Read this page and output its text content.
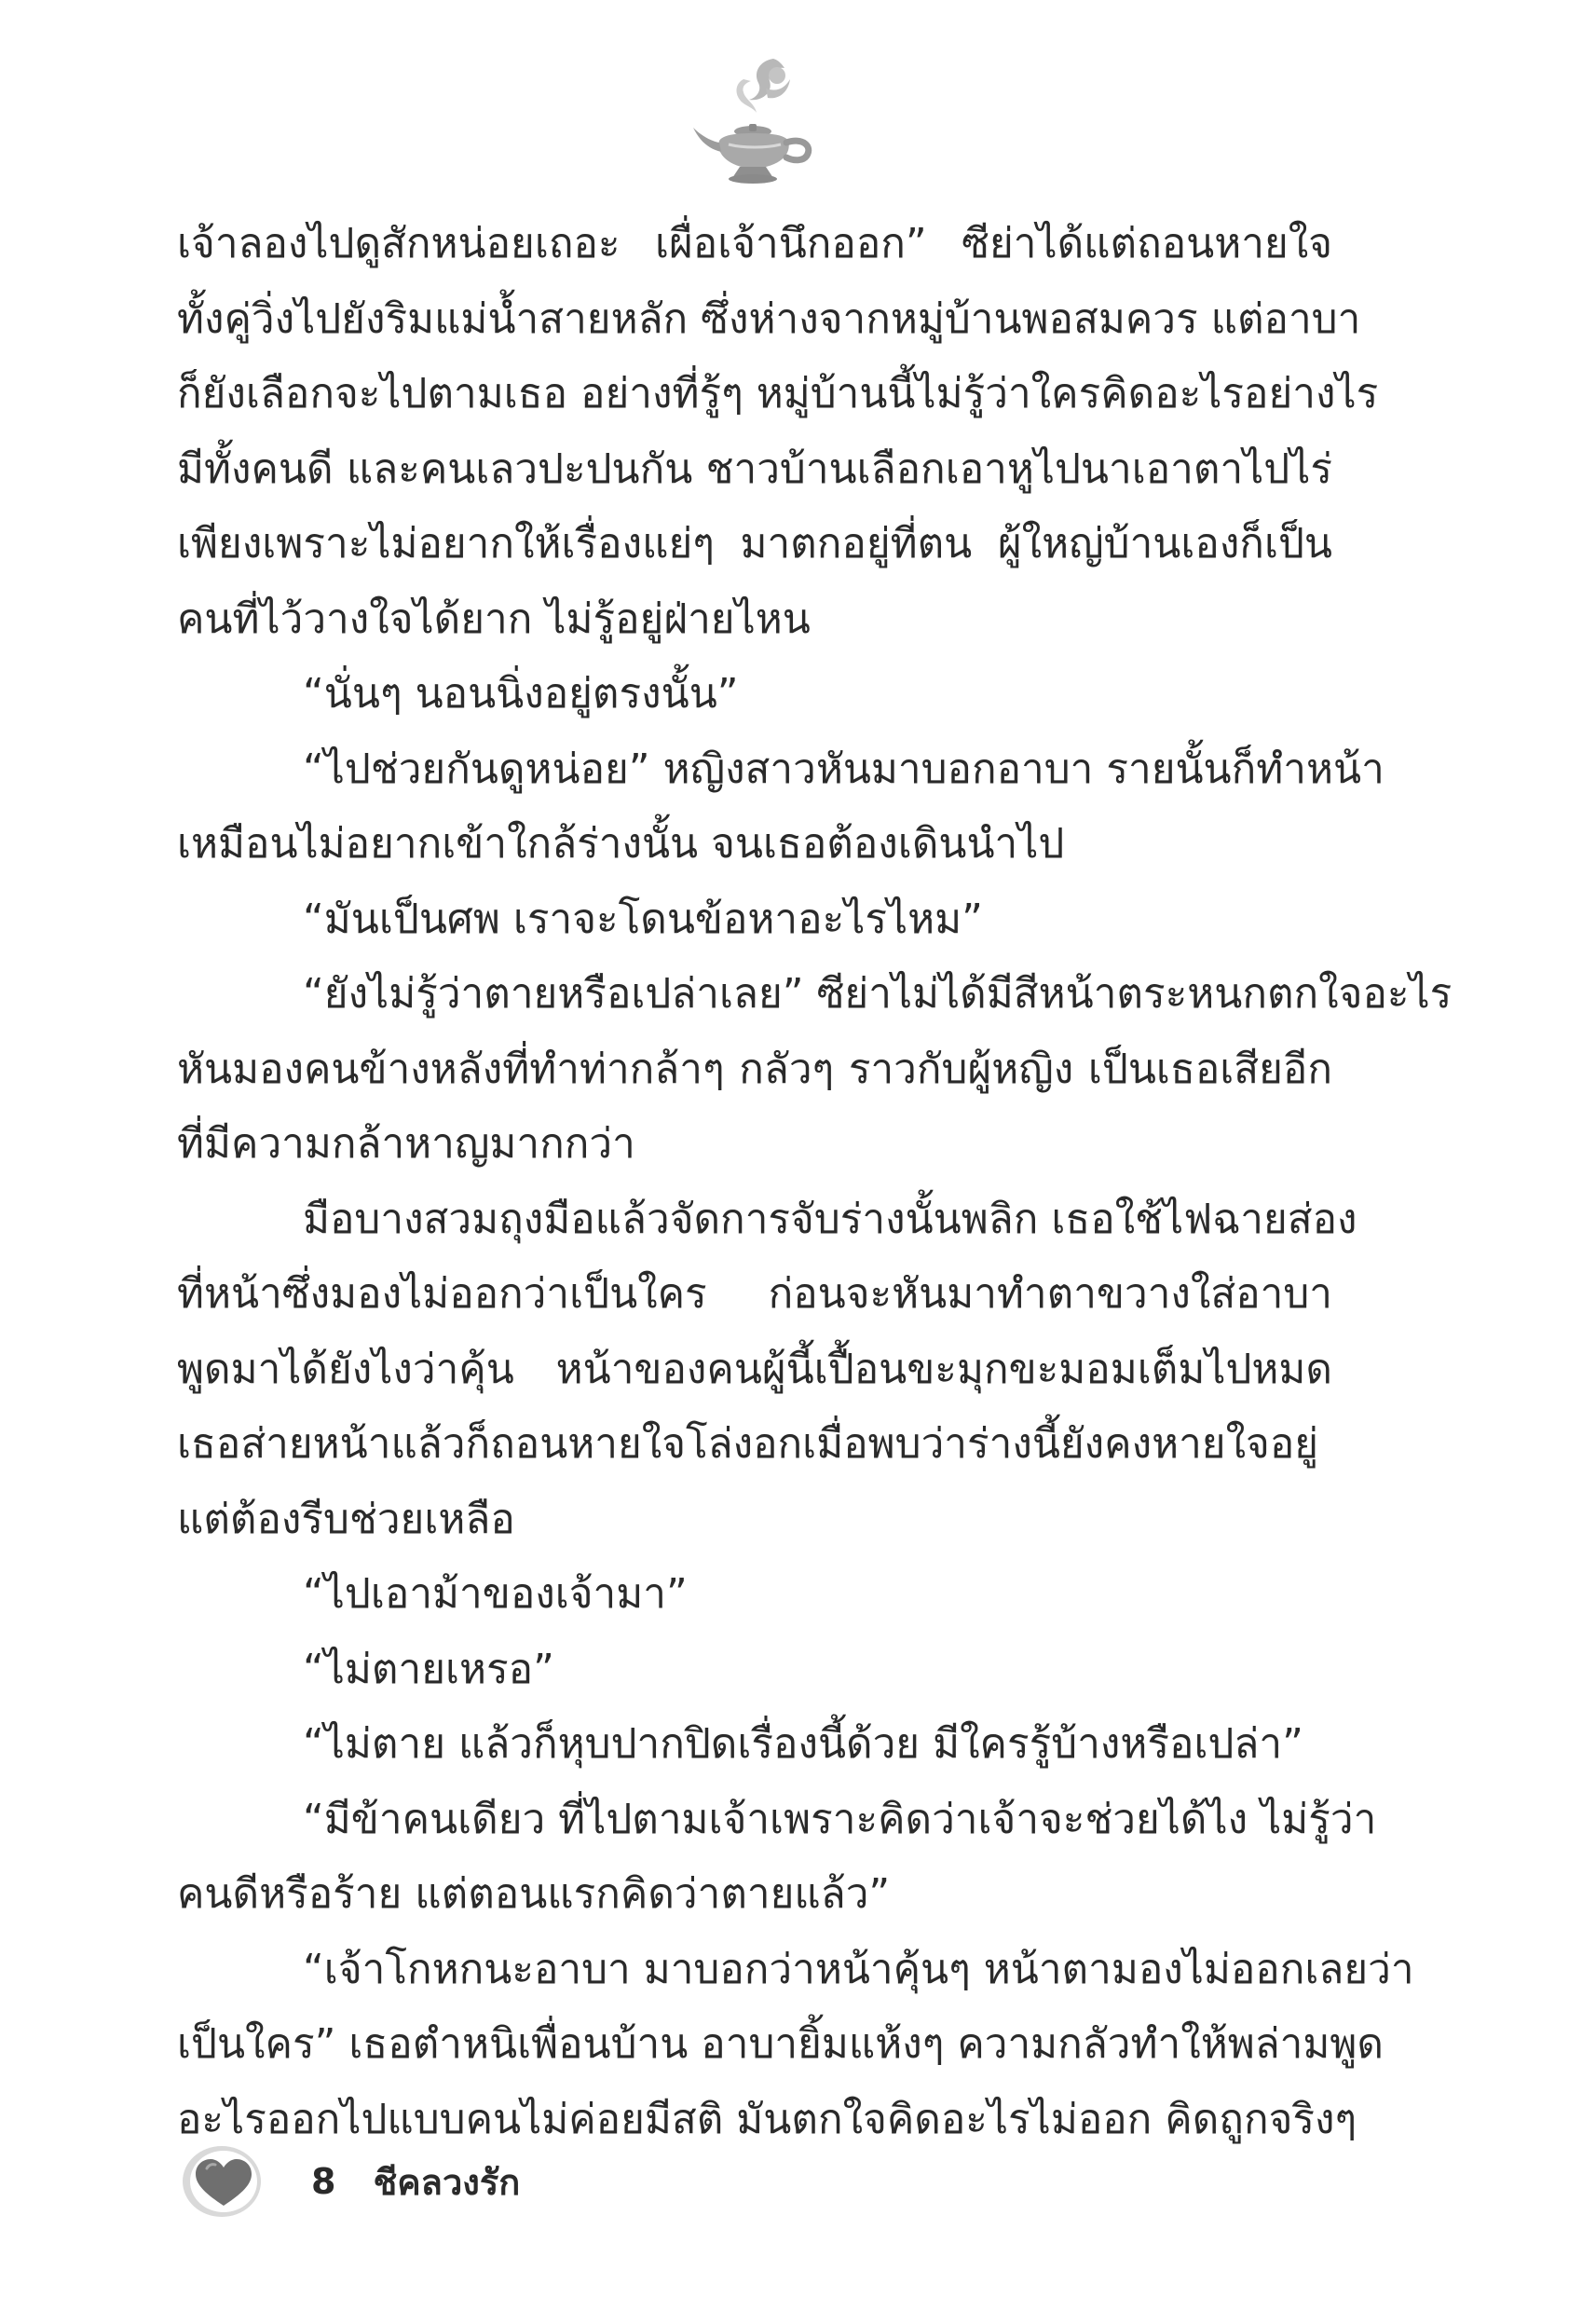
เจ้าลองไปดูสักหน่อยเถอะ เผื่อเจ้านึกออก” ซีย่าได้แต่ถอนหายใจ
ทั้งคู่วิ่งไปยังริมแม่น้ำสายหลัก ซึ่งห่างจากหมู่บ้านพอสมควร แต่อาบา
ก็ยังเลือกจะไปตามเธอ อย่างที่รู้ๆ หมู่บ้านนี้ไม่รู้ว่าใครคิดอะไรอย่างไร
มีทั้งคนดี และคนเลวปะปนกัน ชาวบ้านเลือกเอาหูไปนาเอาตาไปไร่
เพียงเพราะไม่อยากให้เรื่องแย่ๆ มาตกอยู่ที่ตน ผู้ใหญ่บ้านเองก็เป็น
คนที่ไว้วางใจได้ยาก ไม่รู้อยู่ฝ่ายไหน
“นั่นๆ นอนนิ่งอยู่ตรงนั้น”
“ไปช่วยกันดูหน่อย” หญิงสาวหันมาบอกอาบา รายนั้นก็ทำหน้า
เหมือนไม่อยากเข้าใกล้ร่างนั้น จนเธอต้องเดินนำไป
“มันเป็นศพ เราจะโดนข้อหาอะไรไหม”
“ยังไม่รู้ว่าตายหรือเปล่าเลย” ซีย่าไม่ได้มีสีหน้าตระหนกตกใจอะไร
หันมองคนข้างหลังที่ทำท่ากล้าๆ กลัวๆ ราวกับผู้หญิง เป็นเธอเสียอีก
ที่มีความกล้าหาญมากกว่า
มือบางสวมถุงมือแล้วจัดการจับร่างนั้นพลิก เธอใช้ไฟฉายส่อง
ที่หน้าซึ่งมองไม่ออกว่าเป็นใคร ก่อนจะหันมาทำตาขวางใส่อาบา
พูดมาได้ยังไงว่าคุ้น หน้าของคนผู้นี้เปื้อนขะมุกขะมอมเต็มไปหมด
เธอส่ายหน้าแล้วก็ถอนหายใจโล่งอกเมื่อพบว่าร่างนี้ยังคงหายใจอยู่
แต่ต้องรีบช่วยเหลือ
“ไปเอาม้าของเจ้ามา”
“ไม่ตายเหรอ”
“ไม่ตาย แล้วก็หุบปากปิดเรื่องนี้ด้วย มีใครรู้บ้างหรือเปล่า”
“มีข้าคนเดียว ที่ไปตามเจ้าเพราะคิดว่าเจ้าจะช่วยได้ไง ไม่รู้ว่า
คนดีหรือร้าย แต่ตอนแรกคิดว่าตายแล้ว”
“เจ้าโกหกนะอาบา มาบอกว่าหน้าคุ้นๆ หน้าตามองไม่ออกเลยว่า
เป็นใคร” เธอตำหนิเพื่อนบ้าน อาบายิ้มแห้งๆ ความกลัวทำให้พล่ามพูด
อะไรออกไปแบบคนไม่ค่อยมีสติ มันตกใจคิดอะไรไม่ออก คิดถูกจริงๆ
8 ชีคลวงรัก
